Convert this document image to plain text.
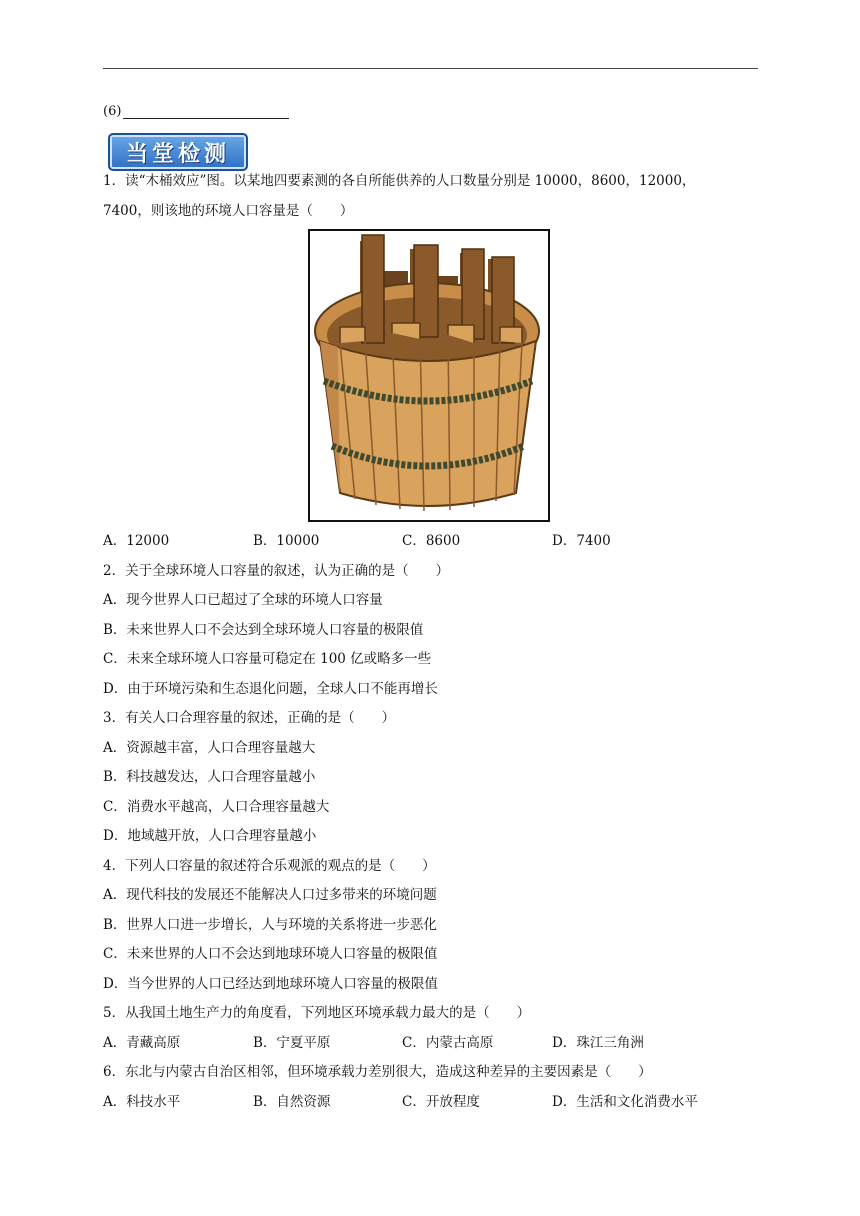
(6)
当堂检测
1．读“木桶效应”图。以某地四要素测的各自所能供养的人口数量分别是 10000，8600，12000，
7400，则该地的环境人口容量是（　　）
A．12000	B．10000	C．8600	D．7400
2．关于全球环境人口容量的叙述，认为正确的是（　　）
A．现今世界人口已超过了全球的环境人口容量
B．未来世界人口不会达到全球环境人口容量的极限值
C．未来全球环境人口容量可稳定在 100 亿或略多一些
D．由于环境污染和生态退化问题，全球人口不能再增长
3．有关人口合理容量的叙述，正确的是（　　）
A．资源越丰富，人口合理容量越大
B．科技越发达，人口合理容量越小
C．消费水平越高，人口合理容量越大
D．地域越开放，人口合理容量越小
4．下列人口容量的叙述符合乐观派的观点的是（　　）
A．现代科技的发展还不能解决人口过多带来的环境问题
B．世界人口进一步增长，人与环境的关系将进一步恶化
C．未来世界的人口不会达到地球环境人口容量的极限值
D．当今世界的人口已经达到地球环境人口容量的极限值
5．从我国土地生产力的角度看，下列地区环境承载力最大的是（　　）
A．青藏高原	B．宁夏平原	C．内蒙古高原	D．珠江三角洲
6．东北与内蒙古自治区相邻，但环境承载力差别很大，造成这种差异的主要因素是（　　）
A．科技水平	B．自然资源	C．开放程度	D．生活和文化消费水平
